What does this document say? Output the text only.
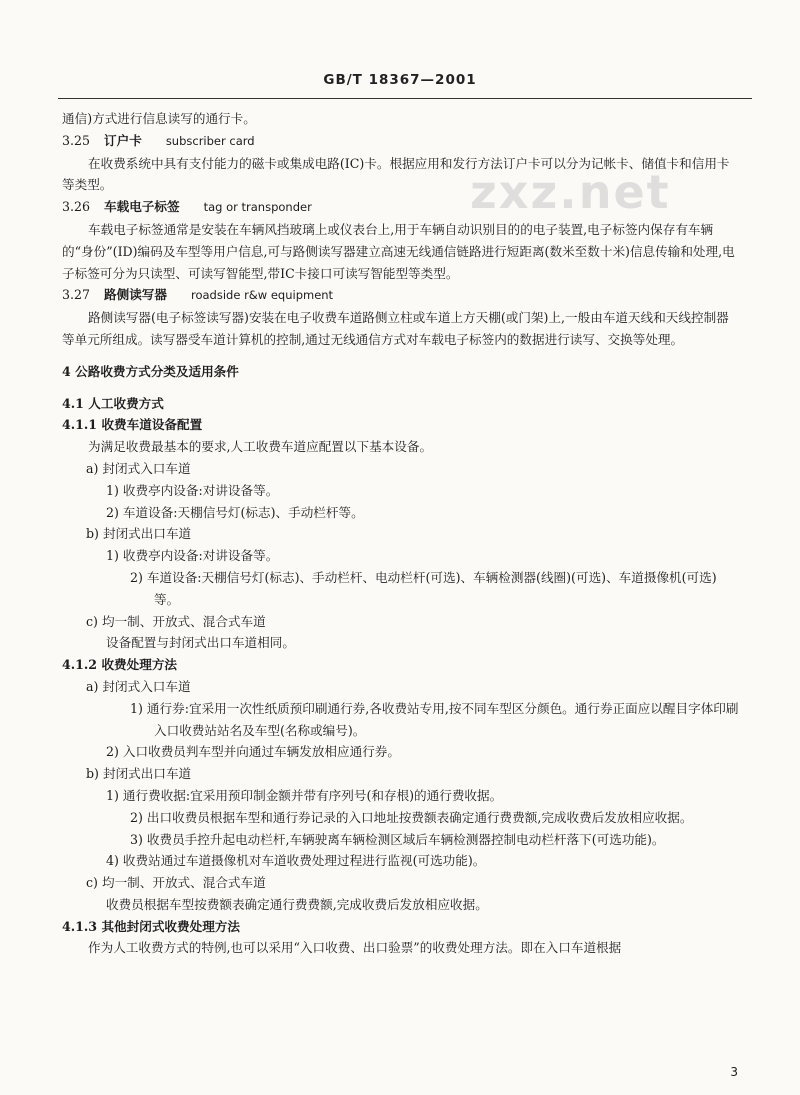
GB/T 18367—2001
zxz.net
通信)方式进行信息读写的通行卡。
3.25 订户卡 subscriber card
在收费系统中具有支付能力的磁卡或集成电路(IC)卡。根据应用和发行方法订户卡可以分为记帐卡、储值卡和信用卡等类型。
3.26 车载电子标签 tag or transponder
车载电子标签通常是安装在车辆风挡玻璃上或仪表台上,用于车辆自动识别目的的电子装置,电子标签内保存有车辆的“身份”(ID)编码及车型等用户信息,可与路侧读写器建立高速无线通信链路进行短距离(数米至数十米)信息传输和处理,电子标签可分为只读型、可读写智能型,带IC卡接口可读写智能型等类型。
3.27 路侧读写器 roadside r&w equipment
路侧读写器(电子标签读写器)安装在电子收费车道路侧立柱或车道上方天棚(或门架)上,一般由车道天线和天线控制器等单元所组成。读写器受车道计算机的控制,通过无线通信方式对车载电子标签内的数据进行读写、交换等处理。
4 公路收费方式分类及适用条件
4.1 人工收费方式
4.1.1 收费车道设备配置
为满足收费最基本的要求,人工收费车道应配置以下基本设备。
a) 封闭式入口车道
1) 收费亭内设备:对讲设备等。
2) 车道设备:天棚信号灯(标志)、手动栏杆等。
b) 封闭式出口车道
1) 收费亭内设备:对讲设备等。
2) 车道设备:天棚信号灯(标志)、手动栏杆、电动栏杆(可选)、车辆检测器(线圈)(可选)、车道摄像机(可选)等。
c) 均一制、开放式、混合式车道
设备配置与封闭式出口车道相同。
4.1.2 收费处理方法
a) 封闭式入口车道
1) 通行券:宜采用一次性纸质预印刷通行券,各收费站专用,按不同车型区分颜色。通行券正面应以醒目字体印刷入口收费站站名及车型(名称或编号)。
2) 入口收费员判车型并向通过车辆发放相应通行券。
b) 封闭式出口车道
1) 通行费收据:宜采用预印制金额并带有序列号(和存根)的通行费收据。
2) 出口收费员根据车型和通行券记录的入口地址按费额表确定通行费费额,完成收费后发放相应收据。
3) 收费员手控升起电动栏杆,车辆驶离车辆检测区域后车辆检测器控制电动栏杆落下(可选功能)。
4) 收费站通过车道摄像机对车道收费处理过程进行监视(可选功能)。
c) 均一制、开放式、混合式车道
收费员根据车型按费额表确定通行费费额,完成收费后发放相应收据。
4.1.3 其他封闭式收费处理方法
作为人工收费方式的特例,也可以采用“入口收费、出口验票”的收费处理方法。即在入口车道根据
3
